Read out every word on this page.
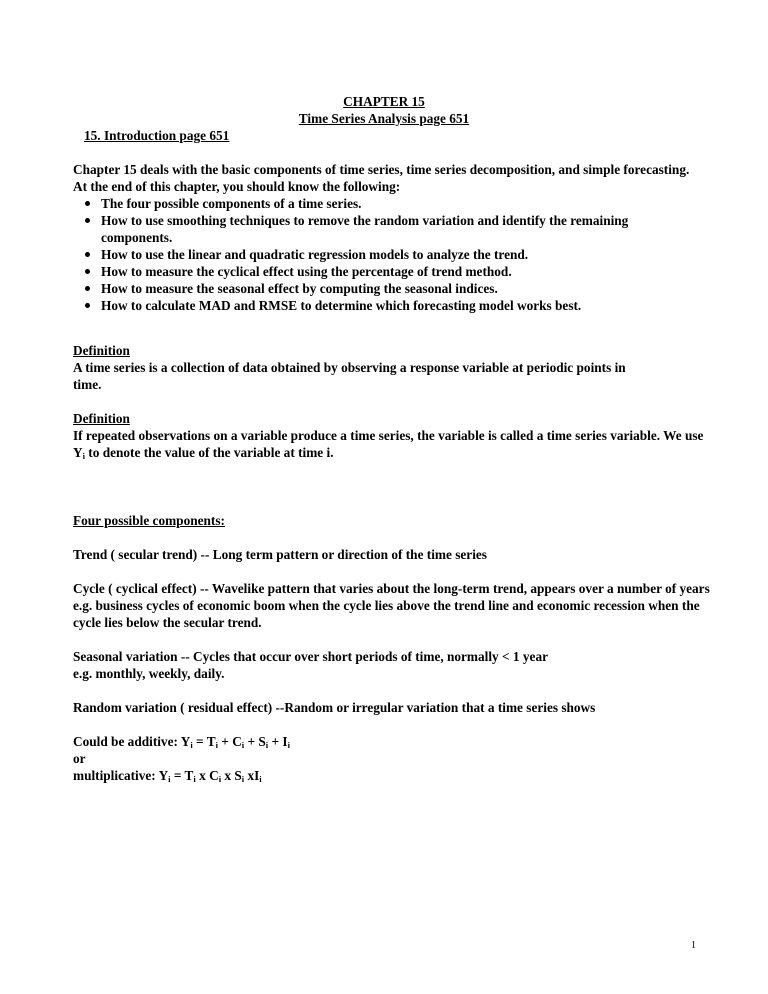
CHAPTER 15
Time Series Analysis page 651
15. Introduction page 651

Chapter 15 deals with the basic components of time series, time series decomposition, and simple forecasting. At the end of this chapter, you should know the following:

The four possible components of a time series.
How to use smoothing techniques to remove the random variation and identify the remaining components.
How to use the linear and quadratic regression models to analyze the trend.
How to measure the cyclical effect using the percentage of trend method.
How to measure the seasonal effect by computing the seasonal indices.
How to calculate MAD and RMSE to determine which forecasting model works best.

Definition

A time series is a collection of data obtained by observing a response variable at periodic points in time.

Definition

If repeated observations on a variable produce a time series, the variable is called a time series variable. We use $Y_i$ to denote the value of the variable at time i.

Four possible components:
Trend ( secular trend) -- Long term pattern or direction of the time series
Cycle ( cyclical effect) -- Wavelike pattern that varies about the long-term trend, appears over a number of years e.g. business cycles of economic boom when the cycle lies above the trend line and economic recession when the cycle lies below the secular trend.

Seasonal variation -- Cycles that occur over short periods of time, normally < 1 year

e.g. monthly, weekly, daily.

Random variation ( residual effect) --Random or irregular variation that a time series shows

Could be additive: $Y_i = T_i + C_i + S_i + I_i$

or

multiplicative: $Y_i = T_i$ x $C_i$ x $S_i$ $xI_i$

1
